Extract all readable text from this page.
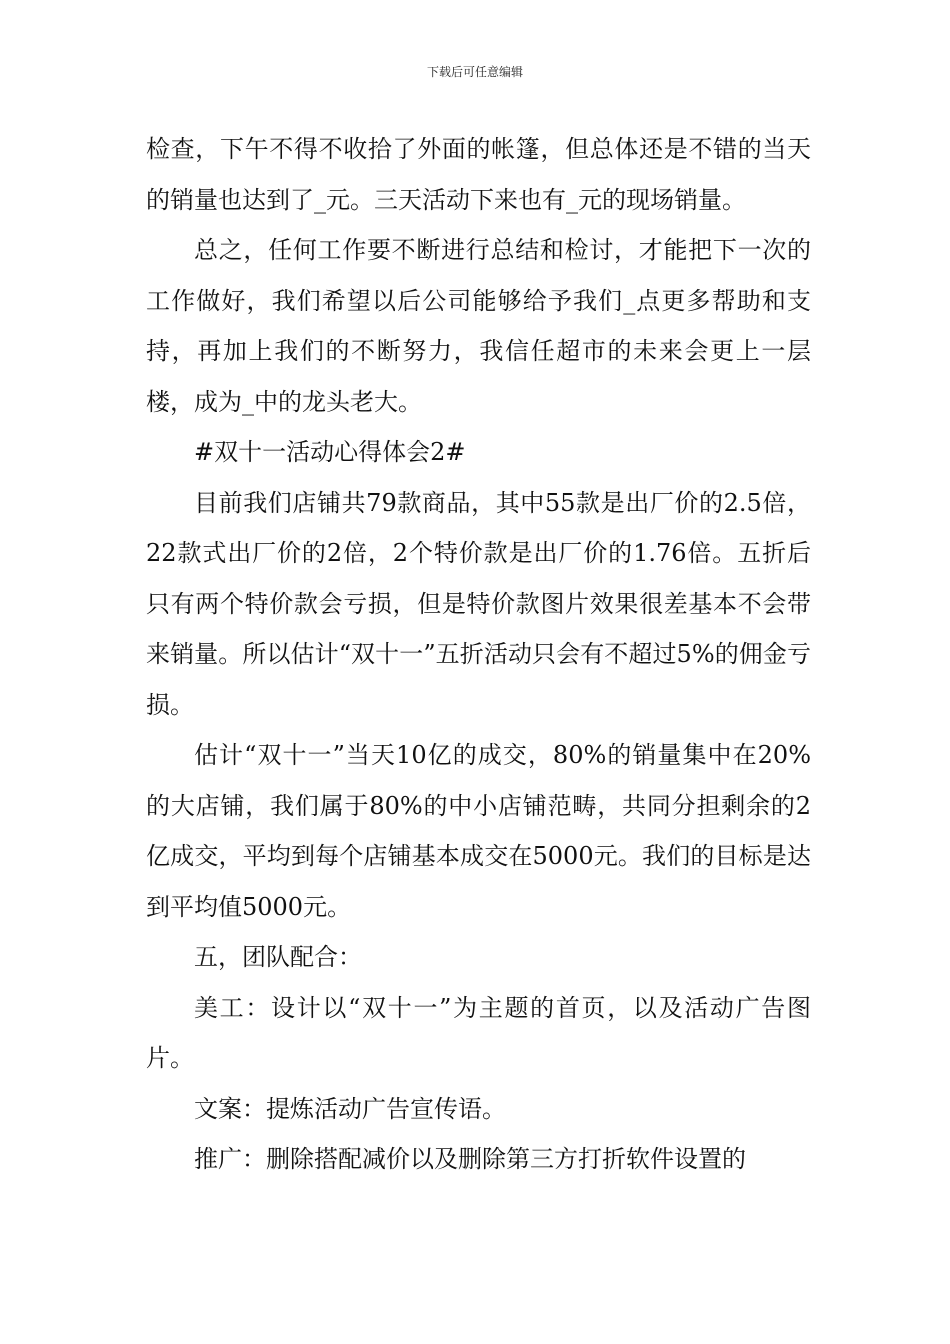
下载后可任意编辑

检查，下午不得不收拾了外面的帐篷，但总体还是不错的当天的销量也达到了_元。三天活动下来也有_元的现场销量。

总之，任何工作要不断进行总结和检讨，才能把下一次的工作做好，我们希望以后公司能够给予我们_点更多帮助和支持，再加上我们的不断努力，我信任超市的未来会更上一层楼，成为_中的龙头老大。

#双十一活动心得体会2#

目前我们店铺共79款商品，其中55款是出厂价的2.5倍，22款式出厂价的2倍，2个特价款是出厂价的1.76倍。五折后只有两个特价款会亏损，但是特价款图片效果很差基本不会带来销量。所以估计“双十一”五折活动只会有不超过5%的佣金亏损。

估计“双十一”当天10亿的成交，80%的销量集中在20%的大店铺，我们属于80%的中小店铺范畴，共同分担剩余的2亿成交，平均到每个店铺基本成交在5000元。我们的目标是达到平均值5000元。

五，团队配合：

美工：设计以“双十一”为主题的首页，以及活动广告图片。

文案：提炼活动广告宣传语。

推广：删除搭配减价以及删除第三方打折软件设置的
